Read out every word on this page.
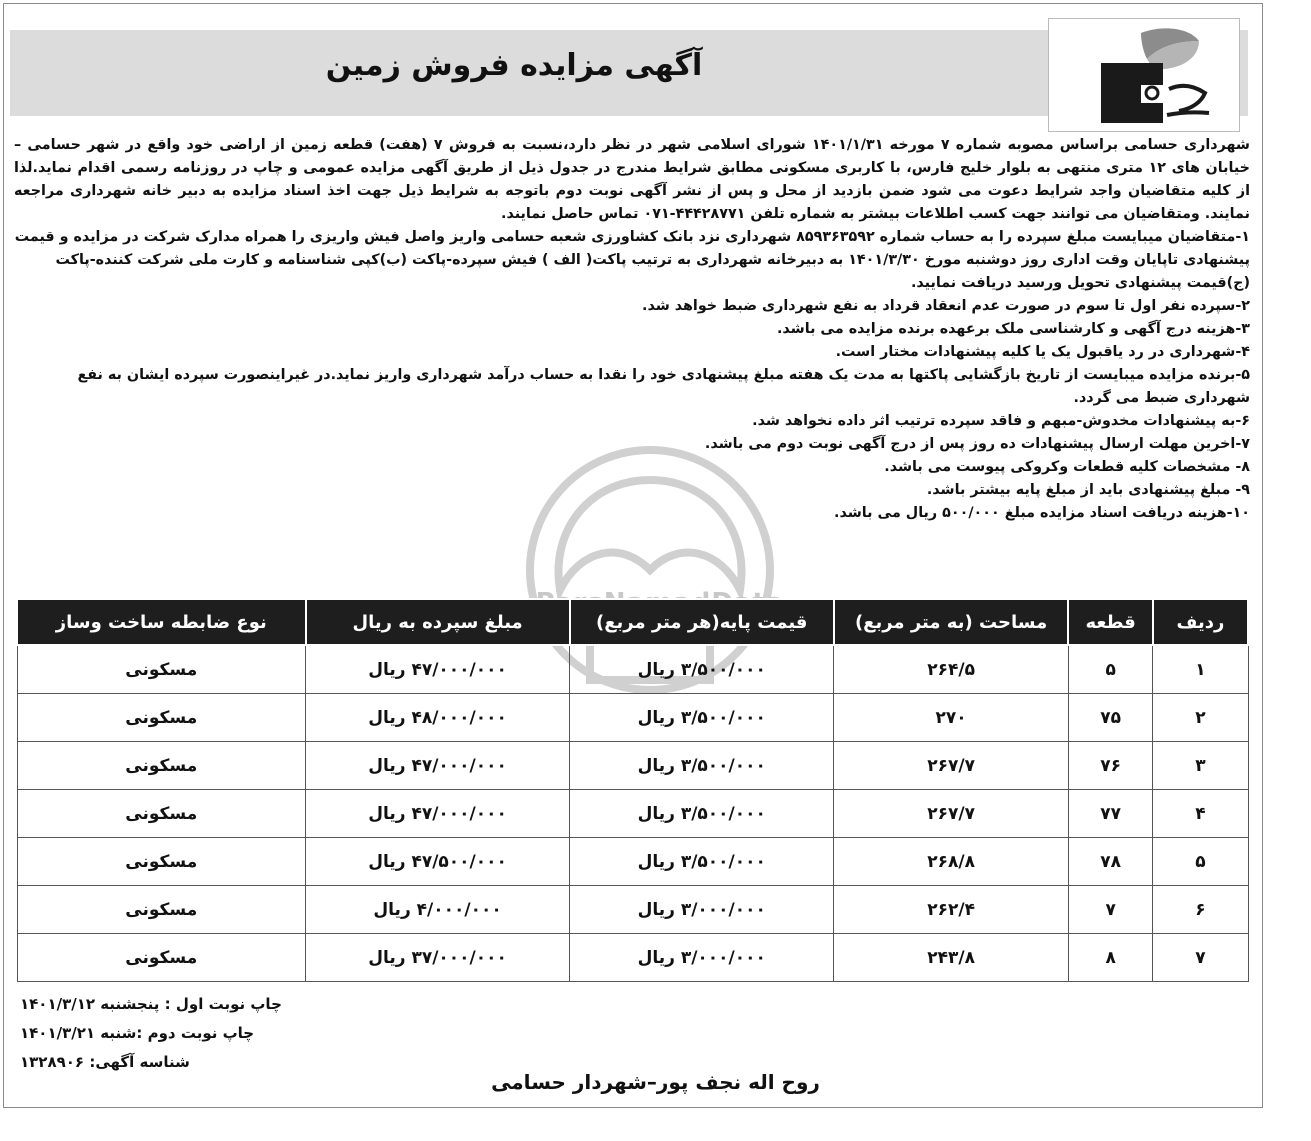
آگهی مزایده فروش زمین

شهرداری حسامی براساس مصوبه شماره ۷ مورخه ۱۴۰۱/۱/۳۱ شورای اسلامی شهر در نظر دارد،نسبت به فروش ۷ (هفت) قطعه زمین از اراضی خود واقع در شهر حسامی –خیابان های ۱۲ متری منتهی به بلوار خلیج فارس، با کاربری مسکونی مطابق شرایط مندرج در جدول ذیل از طریق آگهی مزایده عمومی و چاپ در روزنامه رسمی اقدام نماید.لذا از کلیه متقاضیان واجد شرایط دعوت می شود ضمن بازدید از محل و پس از نشر آگهی نوبت دوم باتوجه به شرایط ذیل جهت اخذ اسناد مزایده به دبیر خانه شهرداری مراجعه نمایند. ومتقاضیان می توانند جهت کسب اطلاعات بیشتر به شماره تلفن ۴۴۴۲۸۷۷۱-۰۷۱ تماس حاصل نمایند.

۱-متقاضیان میبایست مبلغ سپرده را به حساب شماره ۸۵۹۳۶۳۵۹۲ شهرداری نزد بانک کشاورزی شعبه حسامی واریز واصل فیش واریزی را همراه مدارک شرکت در مزایده و قیمت پیشنهادی تاپایان وقت اداری روز دوشنبه مورخ ۱۴۰۱/۳/۳۰ به دبیرخانه شهرداری به ترتیب پاکت( الف ) فیش سپرده-پاکت (ب)کپی شناسنامه و کارت ملی شرکت کننده-پاکت (ج)قیمت پیشنهادی تحویل ورسید دریافت نمایید.

۲-سپرده نفر اول تا سوم در صورت عدم انعقاد قرداد به نفع شهرداری ضبط خواهد شد.

۳-هزینه درج آگهی و کارشناسی ملک برعهده برنده مزایده می باشد.

۴-شهرداری در رد یاقبول یک یا کلیه پیشنهادات مختار است.

۵-برنده مزایده میبایست از تاریخ بازگشایی پاکتها به مدت یک هفته مبلغ پیشنهادی خود را نقدا به حساب درآمد شهرداری واریز نماید.در غیراینصورت سپرده ایشان به نفع شهرداری ضبط می گردد.

۶-به پیشنهادات مخدوش-مبهم و فاقد سپرده ترتیب اثر داده نخواهد شد.

۷-اخرین مهلت ارسال پیشنهادات ده روز پس از درج آگهی نوبت دوم می باشد.

۸- مشخصات کلیه قطعات وکروکی پیوست می باشد.

۹- مبلغ پیشنهادی باید از مبلغ پایه بیشتر باشد.

۱۰-هزینه دریافت اسناد مزایده مبلغ ۵۰۰/۰۰۰ ریال می باشد.

ردیف	قطعه	مساحت (به متر مربع)	قیمت پایه(هر متر مربع)	مبلغ سپرده به ریال	نوع ضابطه ساخت وساز
۱	۵	۲۶۴/۵	۳/۵۰۰/۰۰۰ ریال	۴۷/۰۰۰/۰۰۰ ریال	مسکونی
۲	۷۵	۲۷۰	۳/۵۰۰/۰۰۰ ریال	۴۸/۰۰۰/۰۰۰ ریال	مسکونی
۳	۷۶	۲۶۷/۷	۳/۵۰۰/۰۰۰ ریال	۴۷/۰۰۰/۰۰۰ ریال	مسکونی
۴	۷۷	۲۶۷/۷	۳/۵۰۰/۰۰۰ ریال	۴۷/۰۰۰/۰۰۰ ریال	مسکونی
۵	۷۸	۲۶۸/۸	۳/۵۰۰/۰۰۰ ریال	۴۷/۵۰۰/۰۰۰ ریال	مسکونی
۶	۷	۲۶۲/۴	۳/۰۰۰/۰۰۰ ریال	۴/۰۰۰/۰۰۰ ریال	مسکونی
۷	۸	۲۴۳/۸	۳/۰۰۰/۰۰۰ ریال	۳۷/۰۰۰/۰۰۰ ریال	مسکونی
چاپ نوبت اول : پنجشنبه ۱۴۰۱/۳/۱۲
چاپ نوبت دوم :شنبه ۱۴۰۱/۳/۲۱
شناسه آگهی: ۱۳۲۸۹۰۶
روح اله نجف پور–شهردار حسامی
